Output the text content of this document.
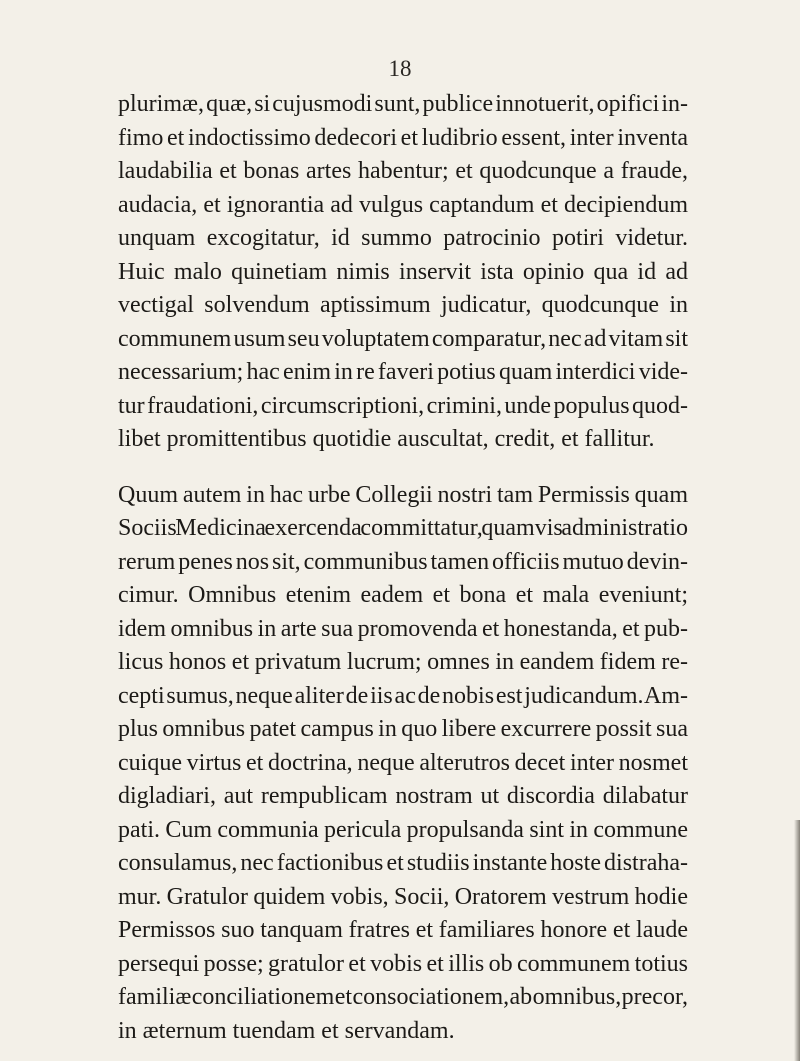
18

plurimæ, quæ, si cujusmodi sunt, publice innotuerit, opifici in-
fimo et indoctissimo dedecori et ludibrio essent, inter inventa
laudabilia et bonas artes habentur; et quodcunque a fraude,
audacia, et ignorantia ad vulgus captandum et decipiendum
unquam excogitatur, id summo patrocinio potiri videtur.
Huic malo quinetiam nimis inservit ista opinio qua id ad
vectigal solvendum aptissimum judicatur, quodcunque in
communem usum seu voluptatem comparatur, nec ad vitam sit
necessarium; hac enim in re faveri potius quam interdici vide-
tur fraudationi, circumscriptioni, crimini, unde populus quod-
libet promittentibus quotidie auscultat, credit, et fallitur.

Quum autem in hac urbe Collegii nostri tam Permissis quam
Sociis Medicina exercenda committatur, quamvis administratio
rerum penes nos sit, communibus tamen officiis mutuo devin-
cimur. Omnibus etenim eadem et bona et mala eveniunt;
idem omnibus in arte sua promovenda et honestanda, et pub-
licus honos et privatum lucrum; omnes in eandem fidem re-
cepti sumus, neque aliter de iis ac de nobis est judicandum. Am-
plus omnibus patet campus in quo libere excurrere possit sua
cuique virtus et doctrina, neque alterutros decet inter nosmet
digladiari, aut rempublicam nostram ut discordia dilabatur
pati. Cum communia pericula propulsanda sint in commune
consulamus, nec factionibus et studiis instante hoste distraha-
mur. Gratulor quidem vobis, Socii, Oratorem vestrum hodie
Permissos suo tanquam fratres et familiares honore et laude
persequi posse; gratulor et vobis et illis ob communem totius
familiæ conciliationem et consociationem, ab omnibus, precor,
in æternum tuendam et servandam.
